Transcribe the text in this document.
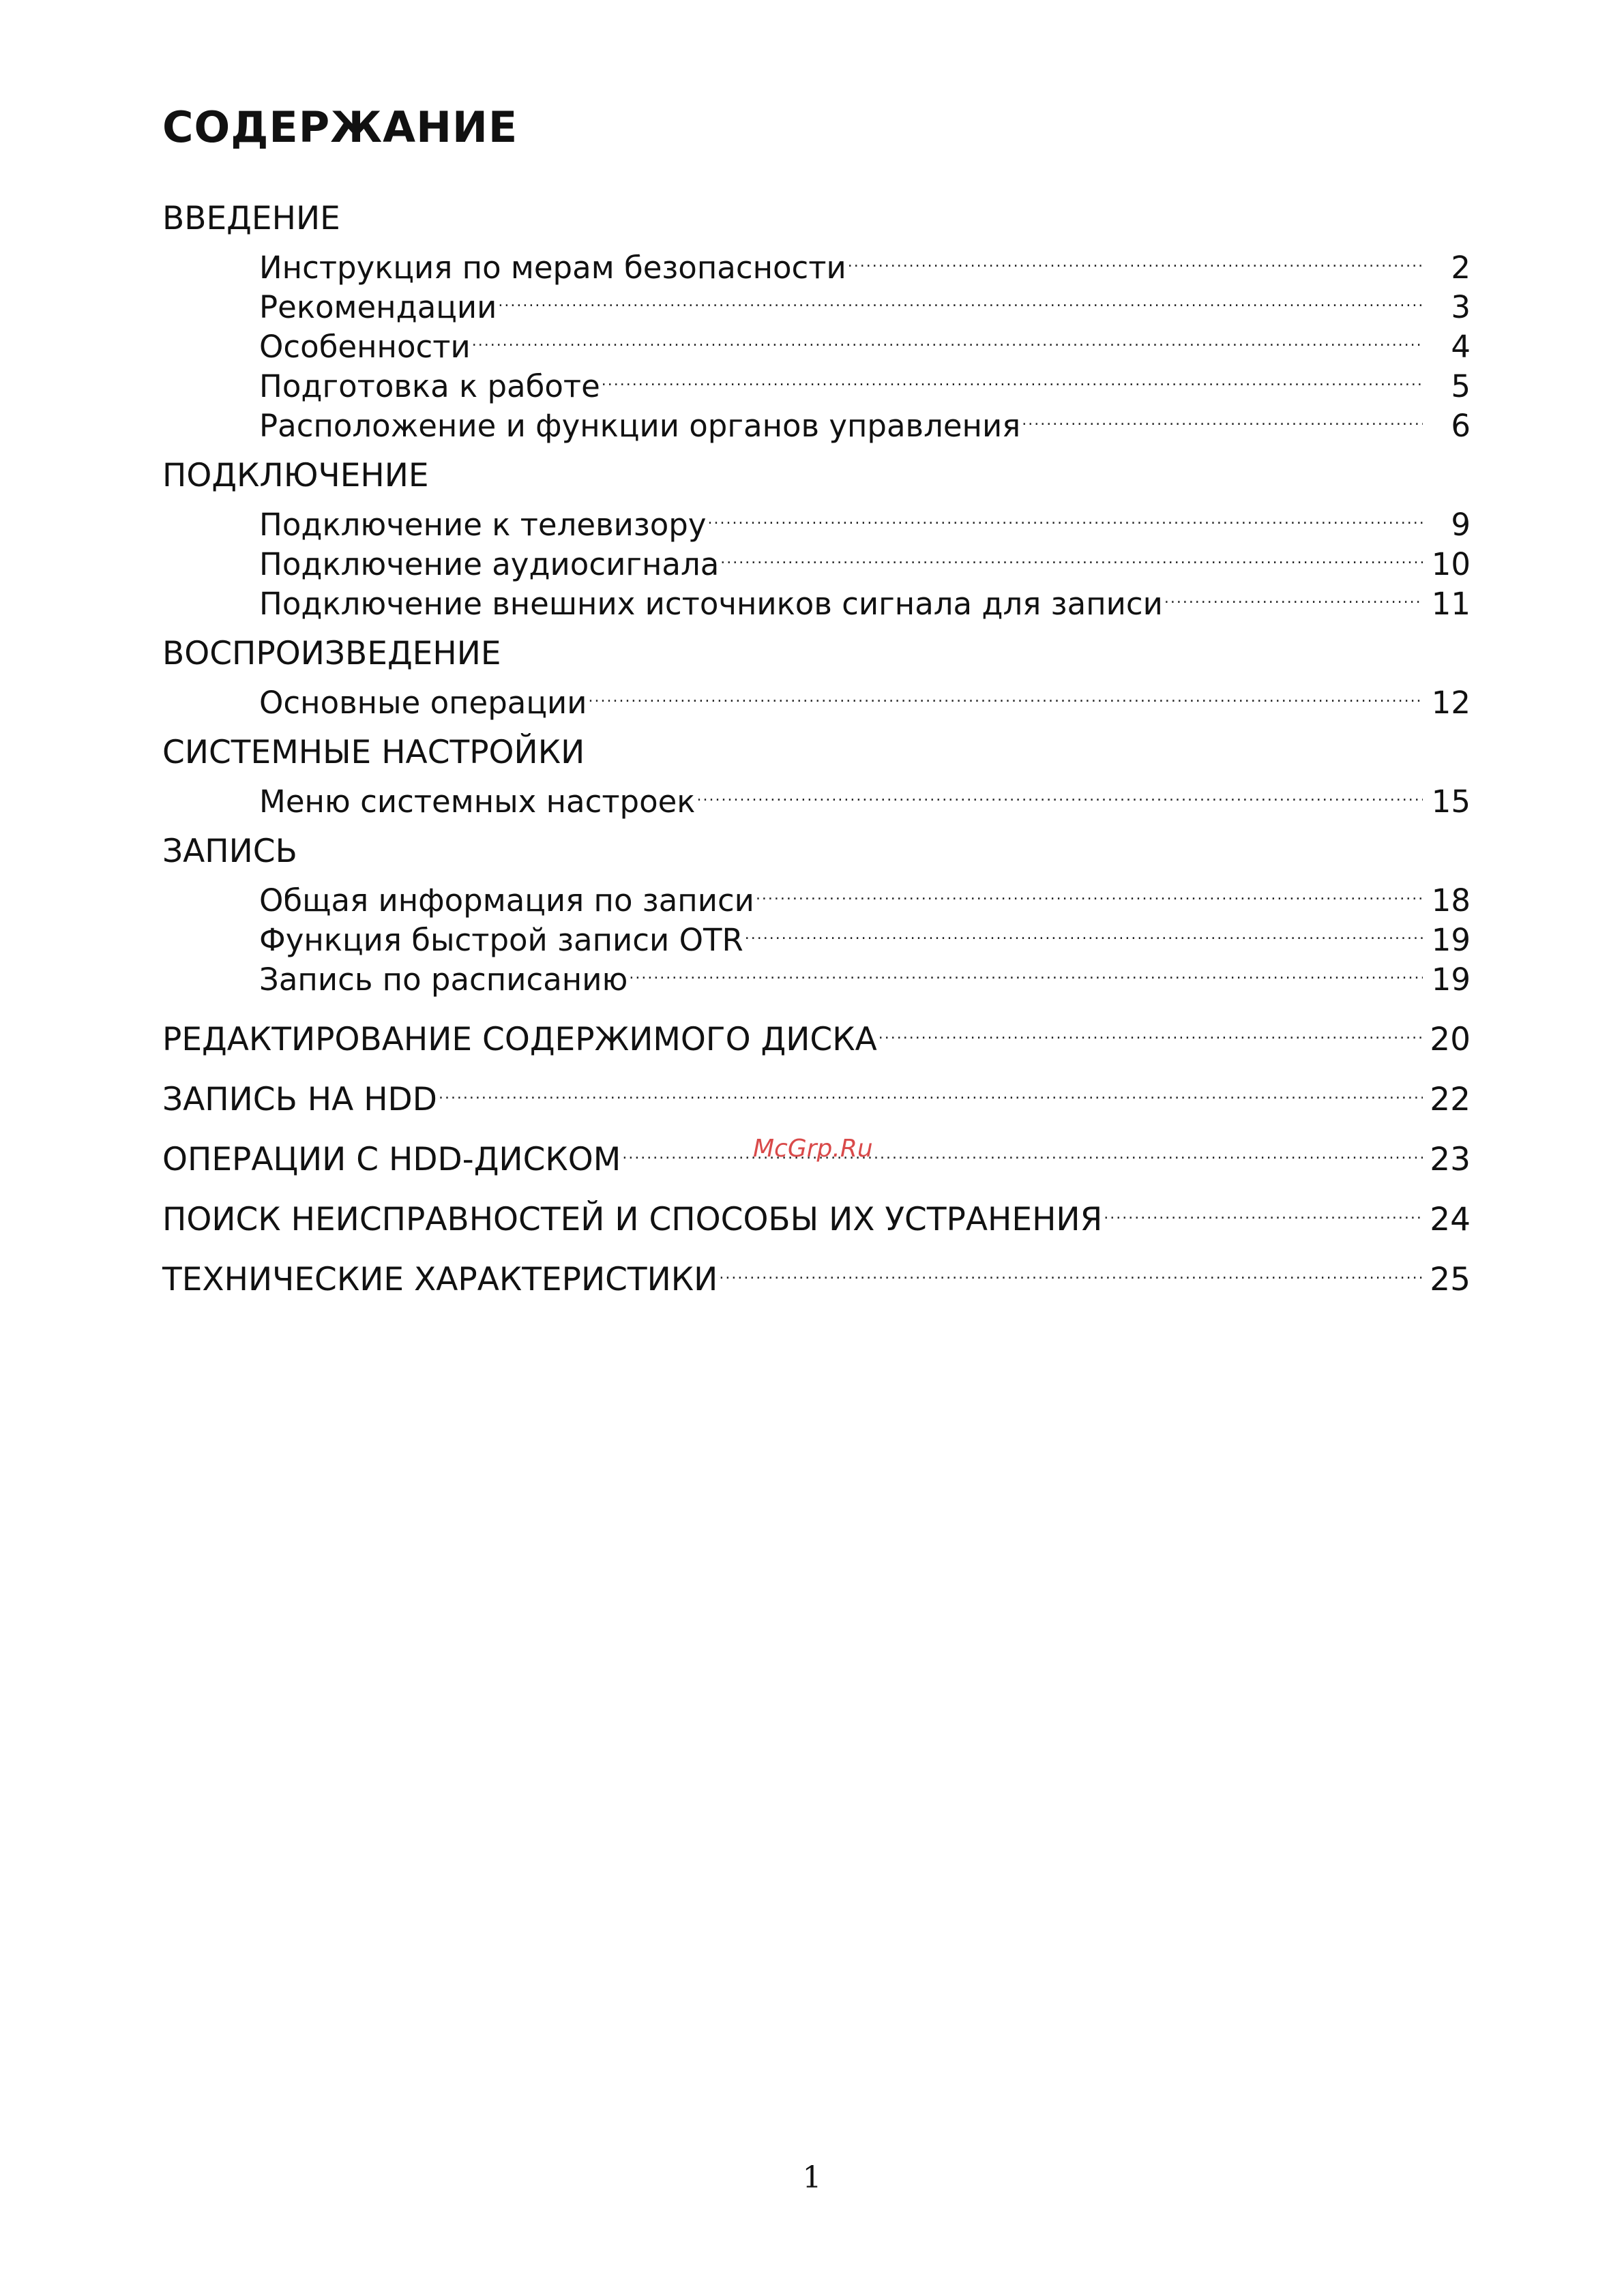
СОДЕРЖАНИЕ
ВВЕДЕНИЕ
Инструкция по мерам безопасности .....	2
Рекомендации .....	3
Особенности .....	4
Подготовка к работе .....	5
Расположение и функции органов управления .....	6
ПОДКЛЮЧЕНИЕ
Подключение к телевизору .....	9
Подключение аудиосигнала .....	10
Подключение внешних источников сигнала для записи .....	11
ВОСПРОИЗВЕДЕНИЕ
Основные операции .....	12
СИСТЕМНЫЕ НАСТРОЙКИ
Меню системных настроек .....	15
ЗАПИСЬ
Общая информация по записи .....	18
Функция быстрой записи OTR .....	19
Запись по расписанию .....	19
РЕДАКТИРОВАНИЕ СОДЕРЖИМОГО ДИСКА .....	20
ЗАПИСЬ НА HDD .....	22
ОПЕРАЦИИ С HDD-ДИСКОМ .....	23
ПОИСК НЕИСПРАВНОСТЕЙ И СПОСОБЫ ИХ УСТРАНЕНИЯ .....	24
ТЕХНИЧЕСКИЕ ХАРАКТЕРИСТИКИ .....	25
McGrp.Ru
1
